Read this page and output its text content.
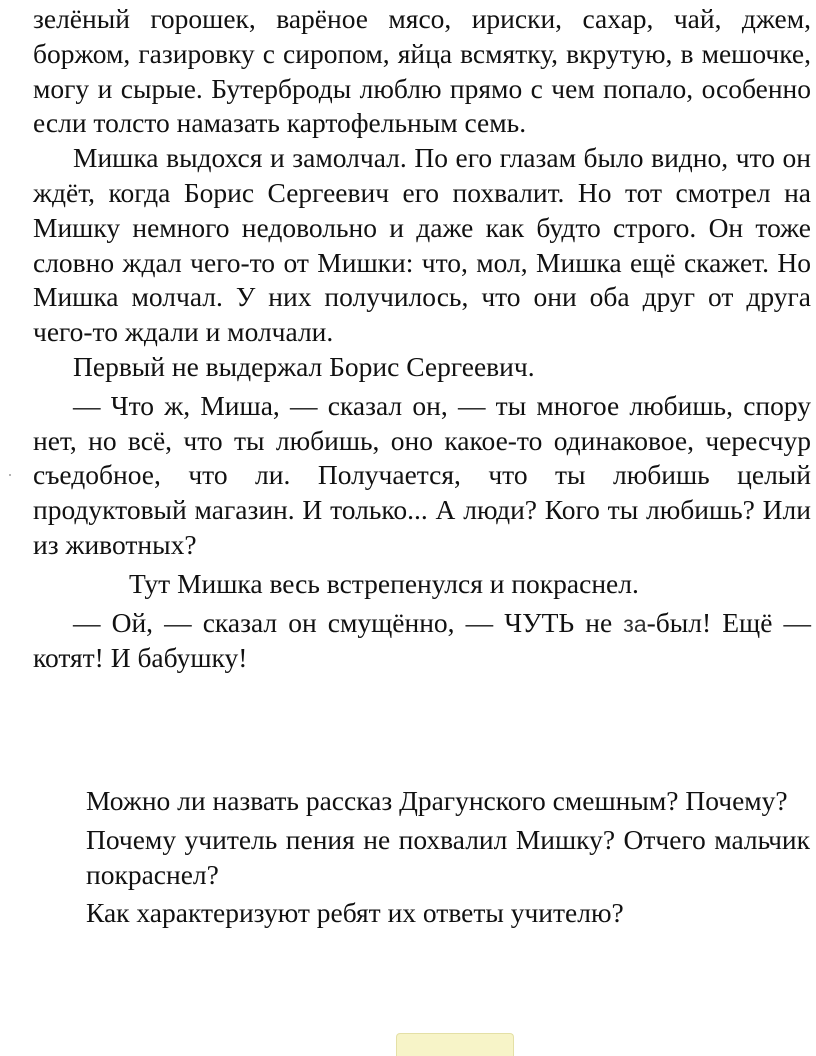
зелёный горошек, варёное мясо, ириски, сахар, чай, джем, боржом, газировку с сиропом, яйца всмятку, вкрутую, в мешочке, могу и сырые. Бутерброды люблю прямо с чем попало, особенно если толсто намазать картофельным семь.

Мишка выдохся и замолчал. По его глазам было видно, что он ждёт, когда Борис Сергеевич его похвалит. Но тот смотрел на Мишку немного недовольно и даже как будто строго. Он тоже словно ждал чего-то от Мишки: что, мол, Мишка ещё скажет. Но Мишка молчал. У них получилось, что они оба друг от друга чего-то ждали и молчали.

Первый не выдержал Борис Сергеевич.

— Что ж, Миша, — сказал он, — ты многое любишь, спору нет, но всё, что ты любишь, оно какое-то одинаковое, чересчур съедобное, что ли. Получается, что ты любишь целый продуктовый магазин. И только... А люди? Кого ты любишь? Или из животных?

Тут Мишка весь встрепенулся и покраснел.

— Ой, — сказал он смущённо, — ЧУТЬ не за-был! Ещё — котят! И бабушку!

Можно ли назвать рассказ Драгунского смешным? Почему?

Почему учитель пения не похвалил Мишку? Отчего мальчик покраснел?

Как характеризуют ребят их ответы учителю?
